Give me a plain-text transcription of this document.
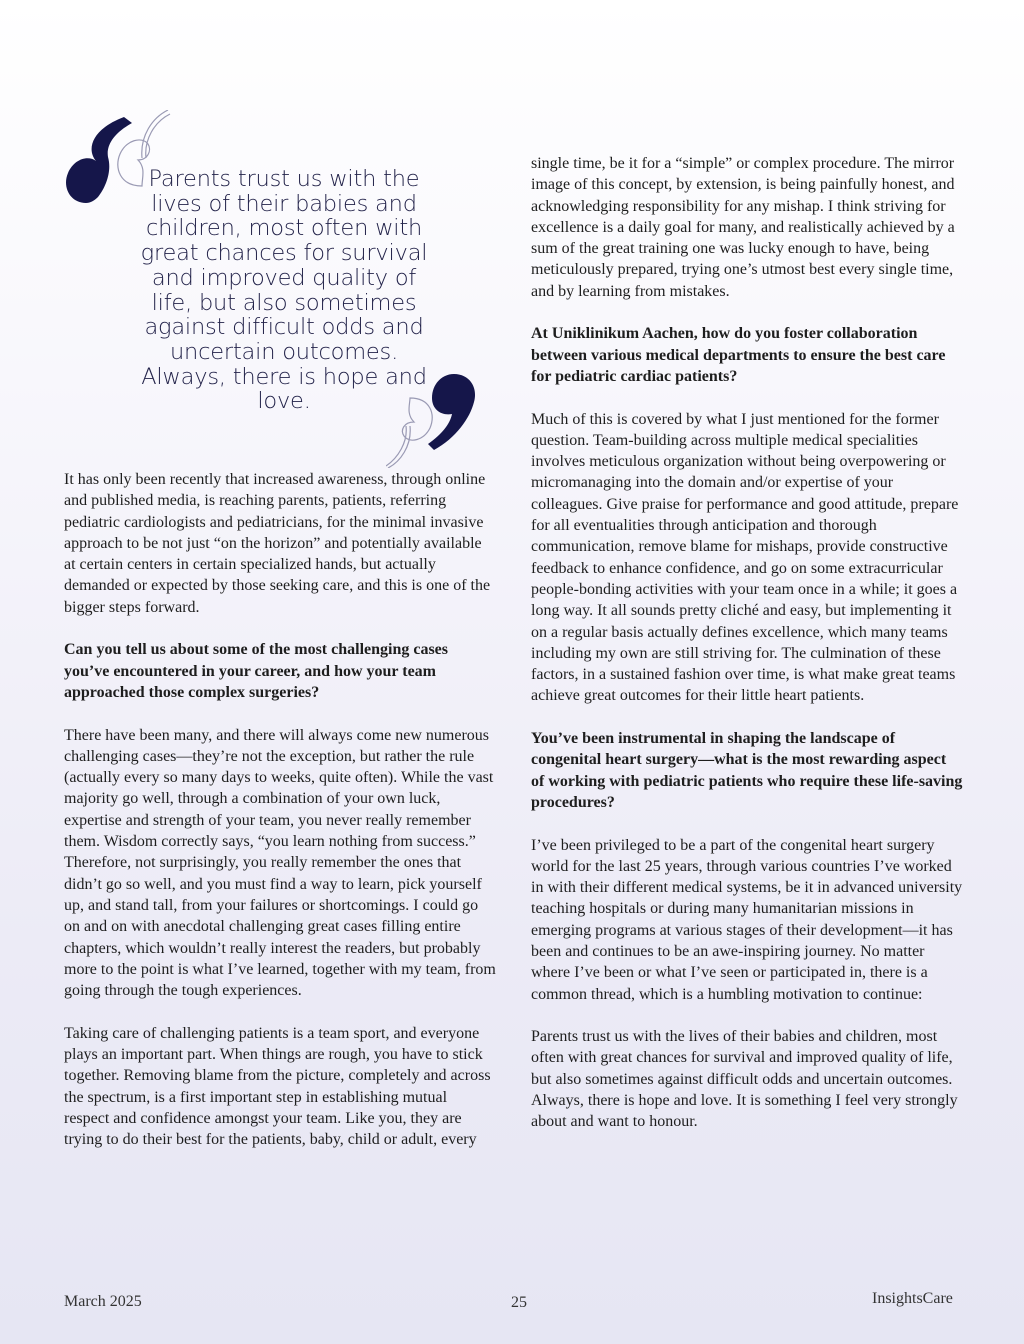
Parents trust us with the lives of their babies and children, most often with great chances for survival and improved quality of life, but also sometimes against difficult odds and uncertain outcomes. Always, there is hope and love.

It has only been recently that increased awareness, through online and published media, is reaching parents, patients, referring pediatric cardiologists and pediatricians, for the minimal invasive approach to be not just “on the horizon” and potentially available at certain centers in certain specialized hands, but actually demanded or expected by those seeking care, and this is one of the bigger steps forward.

Can you tell us about some of the most challenging cases you’ve encountered in your career, and how your team approached those complex surgeries?

There have been many, and there will always come new numerous challenging cases—they’re not the exception, but rather the rule (actually every so many days to weeks, quite often). While the vast majority go well, through a combination of your own luck, expertise and strength of your team, you never really remember them. Wisdom correctly says, “you learn nothing from success.” Therefore, not surprisingly, you really remember the ones that didn’t go so well, and you must find a way to learn, pick yourself up, and stand tall, from your failures or shortcomings. I could go on and on with anecdotal challenging great cases filling entire chapters, which wouldn’t really interest the readers, but probably more to the point is what I’ve learned, together with my team, from going through the tough experiences.

Taking care of challenging patients is a team sport, and everyone plays an important part. When things are rough, you have to stick together. Removing blame from the picture, completely and across the spectrum, is a first important step in establishing mutual respect and confidence amongst your team. Like you, they are trying to do their best for the patients, baby, child or adult, every

single time, be it for a “simple” or complex procedure. The mirror image of this concept, by extension, is being painfully honest, and acknowledging responsibility for any mishap. I think striving for excellence is a daily goal for many, and realistically achieved by a sum of the great training one was lucky enough to have, being meticulously prepared, trying one’s utmost best every single time, and by learning from mistakes.

At Uniklinikum Aachen, how do you foster collaboration between various medical departments to ensure the best care for pediatric cardiac patients?

Much of this is covered by what I just mentioned for the former question. Team-building across multiple medical specialities involves meticulous organization without being overpowering or micromanaging into the domain and/or expertise of your colleagues. Give praise for performance and good attitude, prepare for all eventualities through anticipation and thorough communication, remove blame for mishaps, provide constructive feedback to enhance confidence, and go on some extracurricular people-bonding activities with your team once in a while; it goes a long way. It all sounds pretty cliché and easy, but implementing it on a regular basis actually defines excellence, which many teams including my own are still striving for. The culmination of these factors, in a sustained fashion over time, is what make great teams achieve great outcomes for their little heart patients.

You’ve been instrumental in shaping the landscape of congenital heart surgery—what is the most rewarding aspect of working with pediatric patients who require these life-saving procedures?

I’ve been privileged to be a part of the congenital heart surgery world for the last 25 years, through various countries I’ve worked in with their different medical systems, be it in advanced university teaching hospitals or during many humanitarian missions in emerging programs at various stages of their development—it has been and continues to be an awe-inspiring journey. No matter where I’ve been or what I’ve seen or participated in, there is a common thread, which is a humbling motivation to continue:

Parents trust us with the lives of their babies and children, most often with great chances for survival and improved quality of life, but also sometimes against difficult odds and uncertain outcomes. Always, there is hope and love. It is something I feel very strongly about and want to honour.

March 2025	25	InsightsCare
